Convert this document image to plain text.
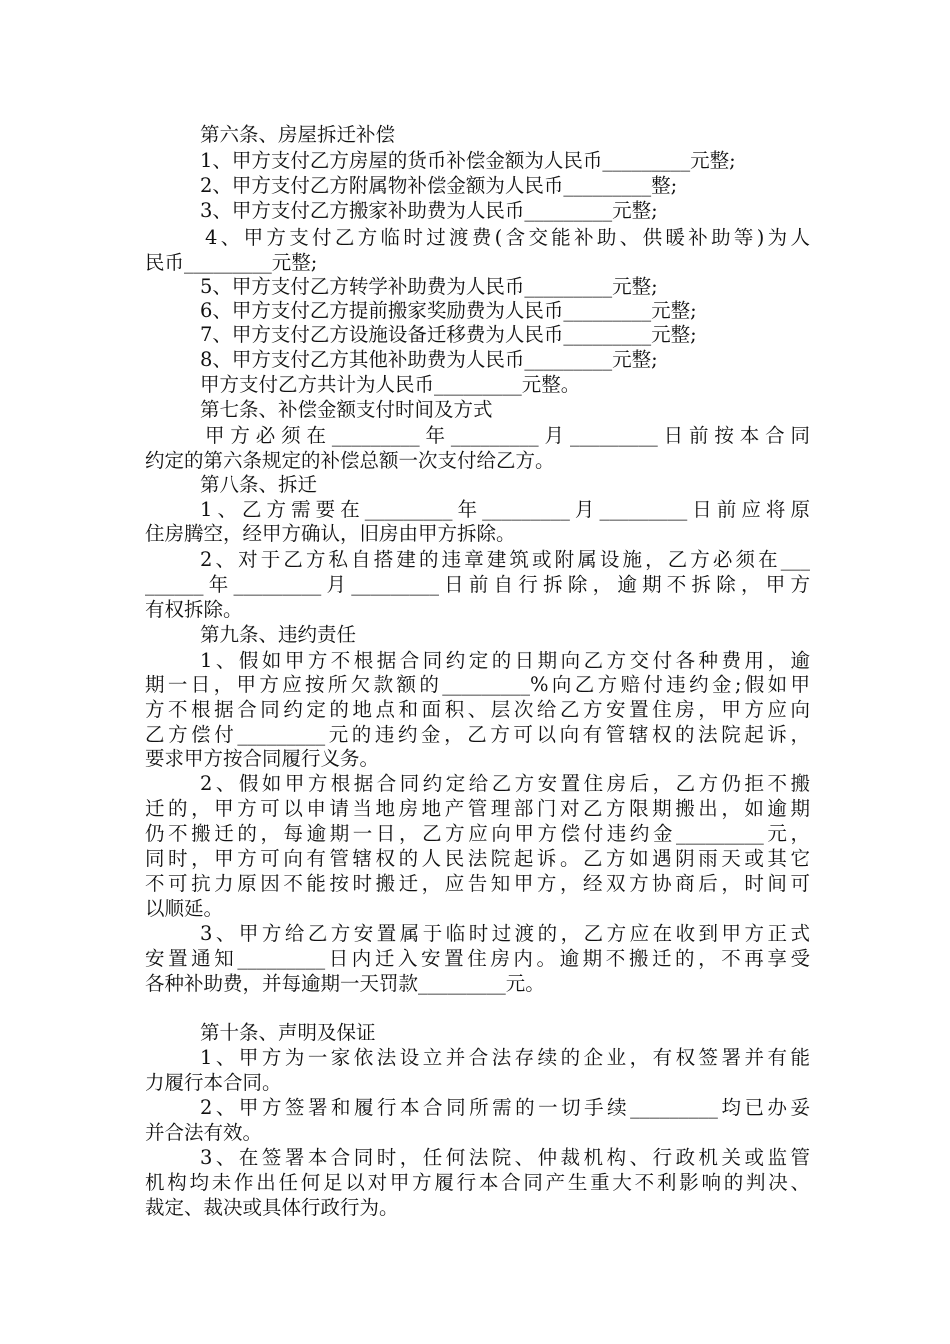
第六条、房屋拆迁补偿
1、甲方支付乙方房屋的货币补偿金额为人民币_________元整;
2、甲方支付乙方附属物补偿金额为人民币_________整;
3、甲方支付乙方搬家补助费为人民币_________元整;
4、甲方支付乙方临时过渡费(含交能补助、供暖补助等)为人
民币_________元整;
5、甲方支付乙方转学补助费为人民币_________元整;
6、甲方支付乙方提前搬家奖励费为人民币_________元整;
7、甲方支付乙方设施设备迁移费为人民币_________元整;
8、甲方支付乙方其他补助费为人民币_________元整;
甲方支付乙方共计为人民币_________元整。
第七条、补偿金额支付时间及方式
甲方必须在_________年_________月_________日前按本合同
约定的第六条规定的补偿总额一次支付给乙方。
第八条、拆迁
1、乙方需要在_________年_________月_________日前应将原
住房腾空，经甲方确认，旧房由甲方拆除。
2、对于乙方私自搭建的违章建筑或附属设施，乙方必须在___
______年_________月_________日前自行拆除，逾期不拆除，甲方
有权拆除。
第九条、违约责任
1、假如甲方不根据合同约定的日期向乙方交付各种费用，逾
期一日，甲方应按所欠款额的_________%向乙方赔付违约金;假如甲
方不根据合同约定的地点和面积、层次给乙方安置住房，甲方应向
乙方偿付_________元的违约金，乙方可以向有管辖权的法院起诉，
要求甲方按合同履行义务。
2、假如甲方根据合同约定给乙方安置住房后，乙方仍拒不搬
迁的，甲方可以申请当地房地产管理部门对乙方限期搬出，如逾期
仍不搬迁的，每逾期一日，乙方应向甲方偿付违约金_________元，
同时，甲方可向有管辖权的人民法院起诉。乙方如遇阴雨天或其它
不可抗力原因不能按时搬迁，应告知甲方，经双方协商后，时间可
以顺延。
3、甲方给乙方安置属于临时过渡的，乙方应在收到甲方正式
安置通知_________日内迁入安置住房内。逾期不搬迁的，不再享受
各种补助费，并每逾期一天罚款_________元。
第十条、声明及保证
1、甲方为一家依法设立并合法存续的企业，有权签署并有能
力履行本合同。
2、甲方签署和履行本合同所需的一切手续_________均已办妥
并合法有效。
3、在签署本合同时，任何法院、仲裁机构、行政机关或监管
机构均未作出任何足以对甲方履行本合同产生重大不利影响的判决、
裁定、裁决或具体行政行为。
